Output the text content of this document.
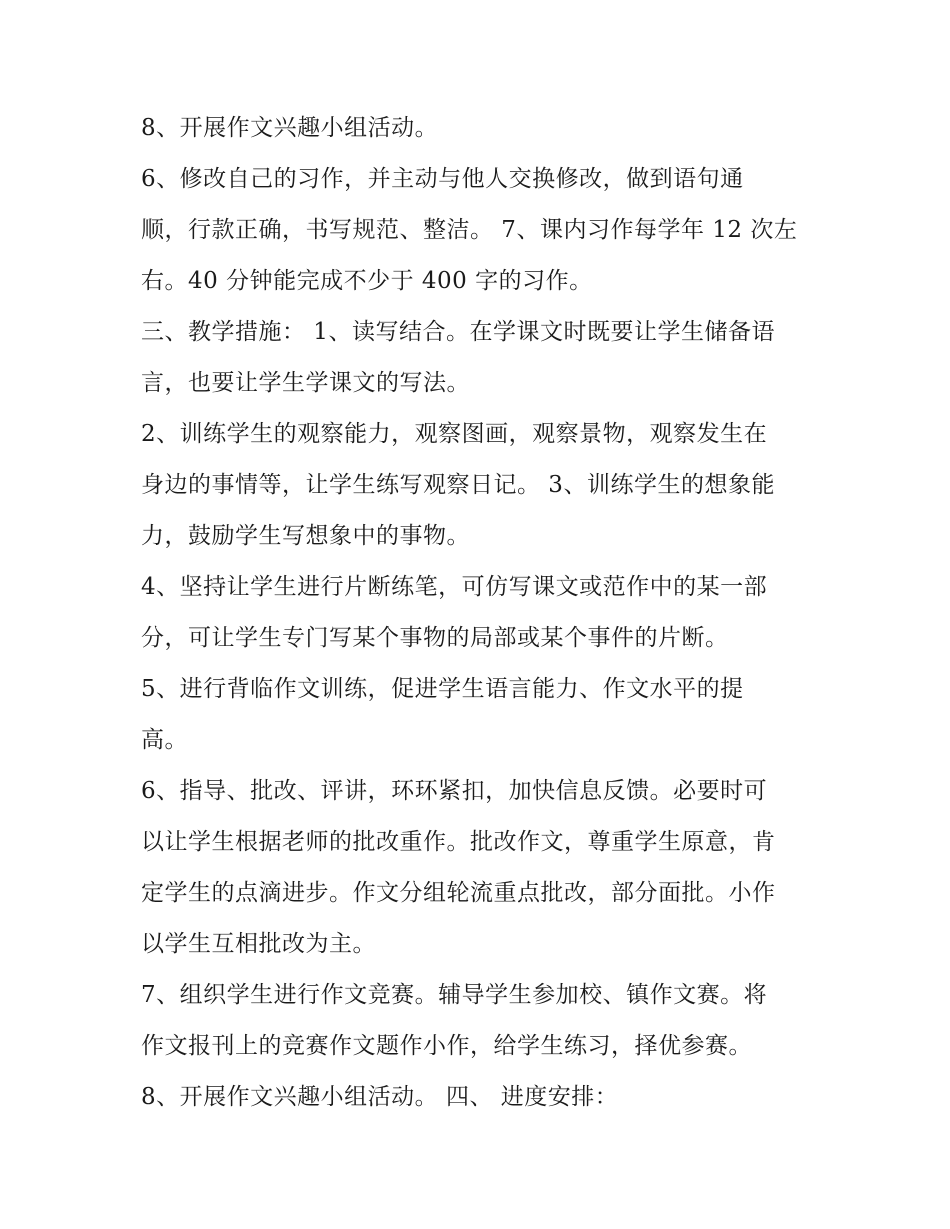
8、开展作文兴趣小组活动。
6、修改自己的习作，并主动与他人交换修改，做到语句通
顺，行款正确，书写规范、整洁。 7、课内习作每学年 12 次左
右。40 分钟能完成不少于 400 字的习作。
三、教学措施： 1、读写结合。在学课文时既要让学生储备语
言，也要让学生学课文的写法。
2、训练学生的观察能力，观察图画，观察景物，观察发生在
身边的事情等，让学生练写观察日记。 3、训练学生的想象能
力，鼓励学生写想象中的事物。
4、坚持让学生进行片断练笔，可仿写课文或范作中的某一部
分，可让学生专门写某个事物的局部或某个事件的片断。
5、进行背临作文训练，促进学生语言能力、作文水平的提
高。
6、指导、批改、评讲，环环紧扣，加快信息反馈。必要时可
以让学生根据老师的批改重作。批改作文，尊重学生原意，肯
定学生的点滴进步。作文分组轮流重点批改，部分面批。小作
以学生互相批改为主。
7、组织学生进行作文竞赛。辅导学生参加校、镇作文赛。将
作文报刊上的竞赛作文题作小作，给学生练习，择优参赛。
8、开展作文兴趣小组活动。 四、 进度安排：
